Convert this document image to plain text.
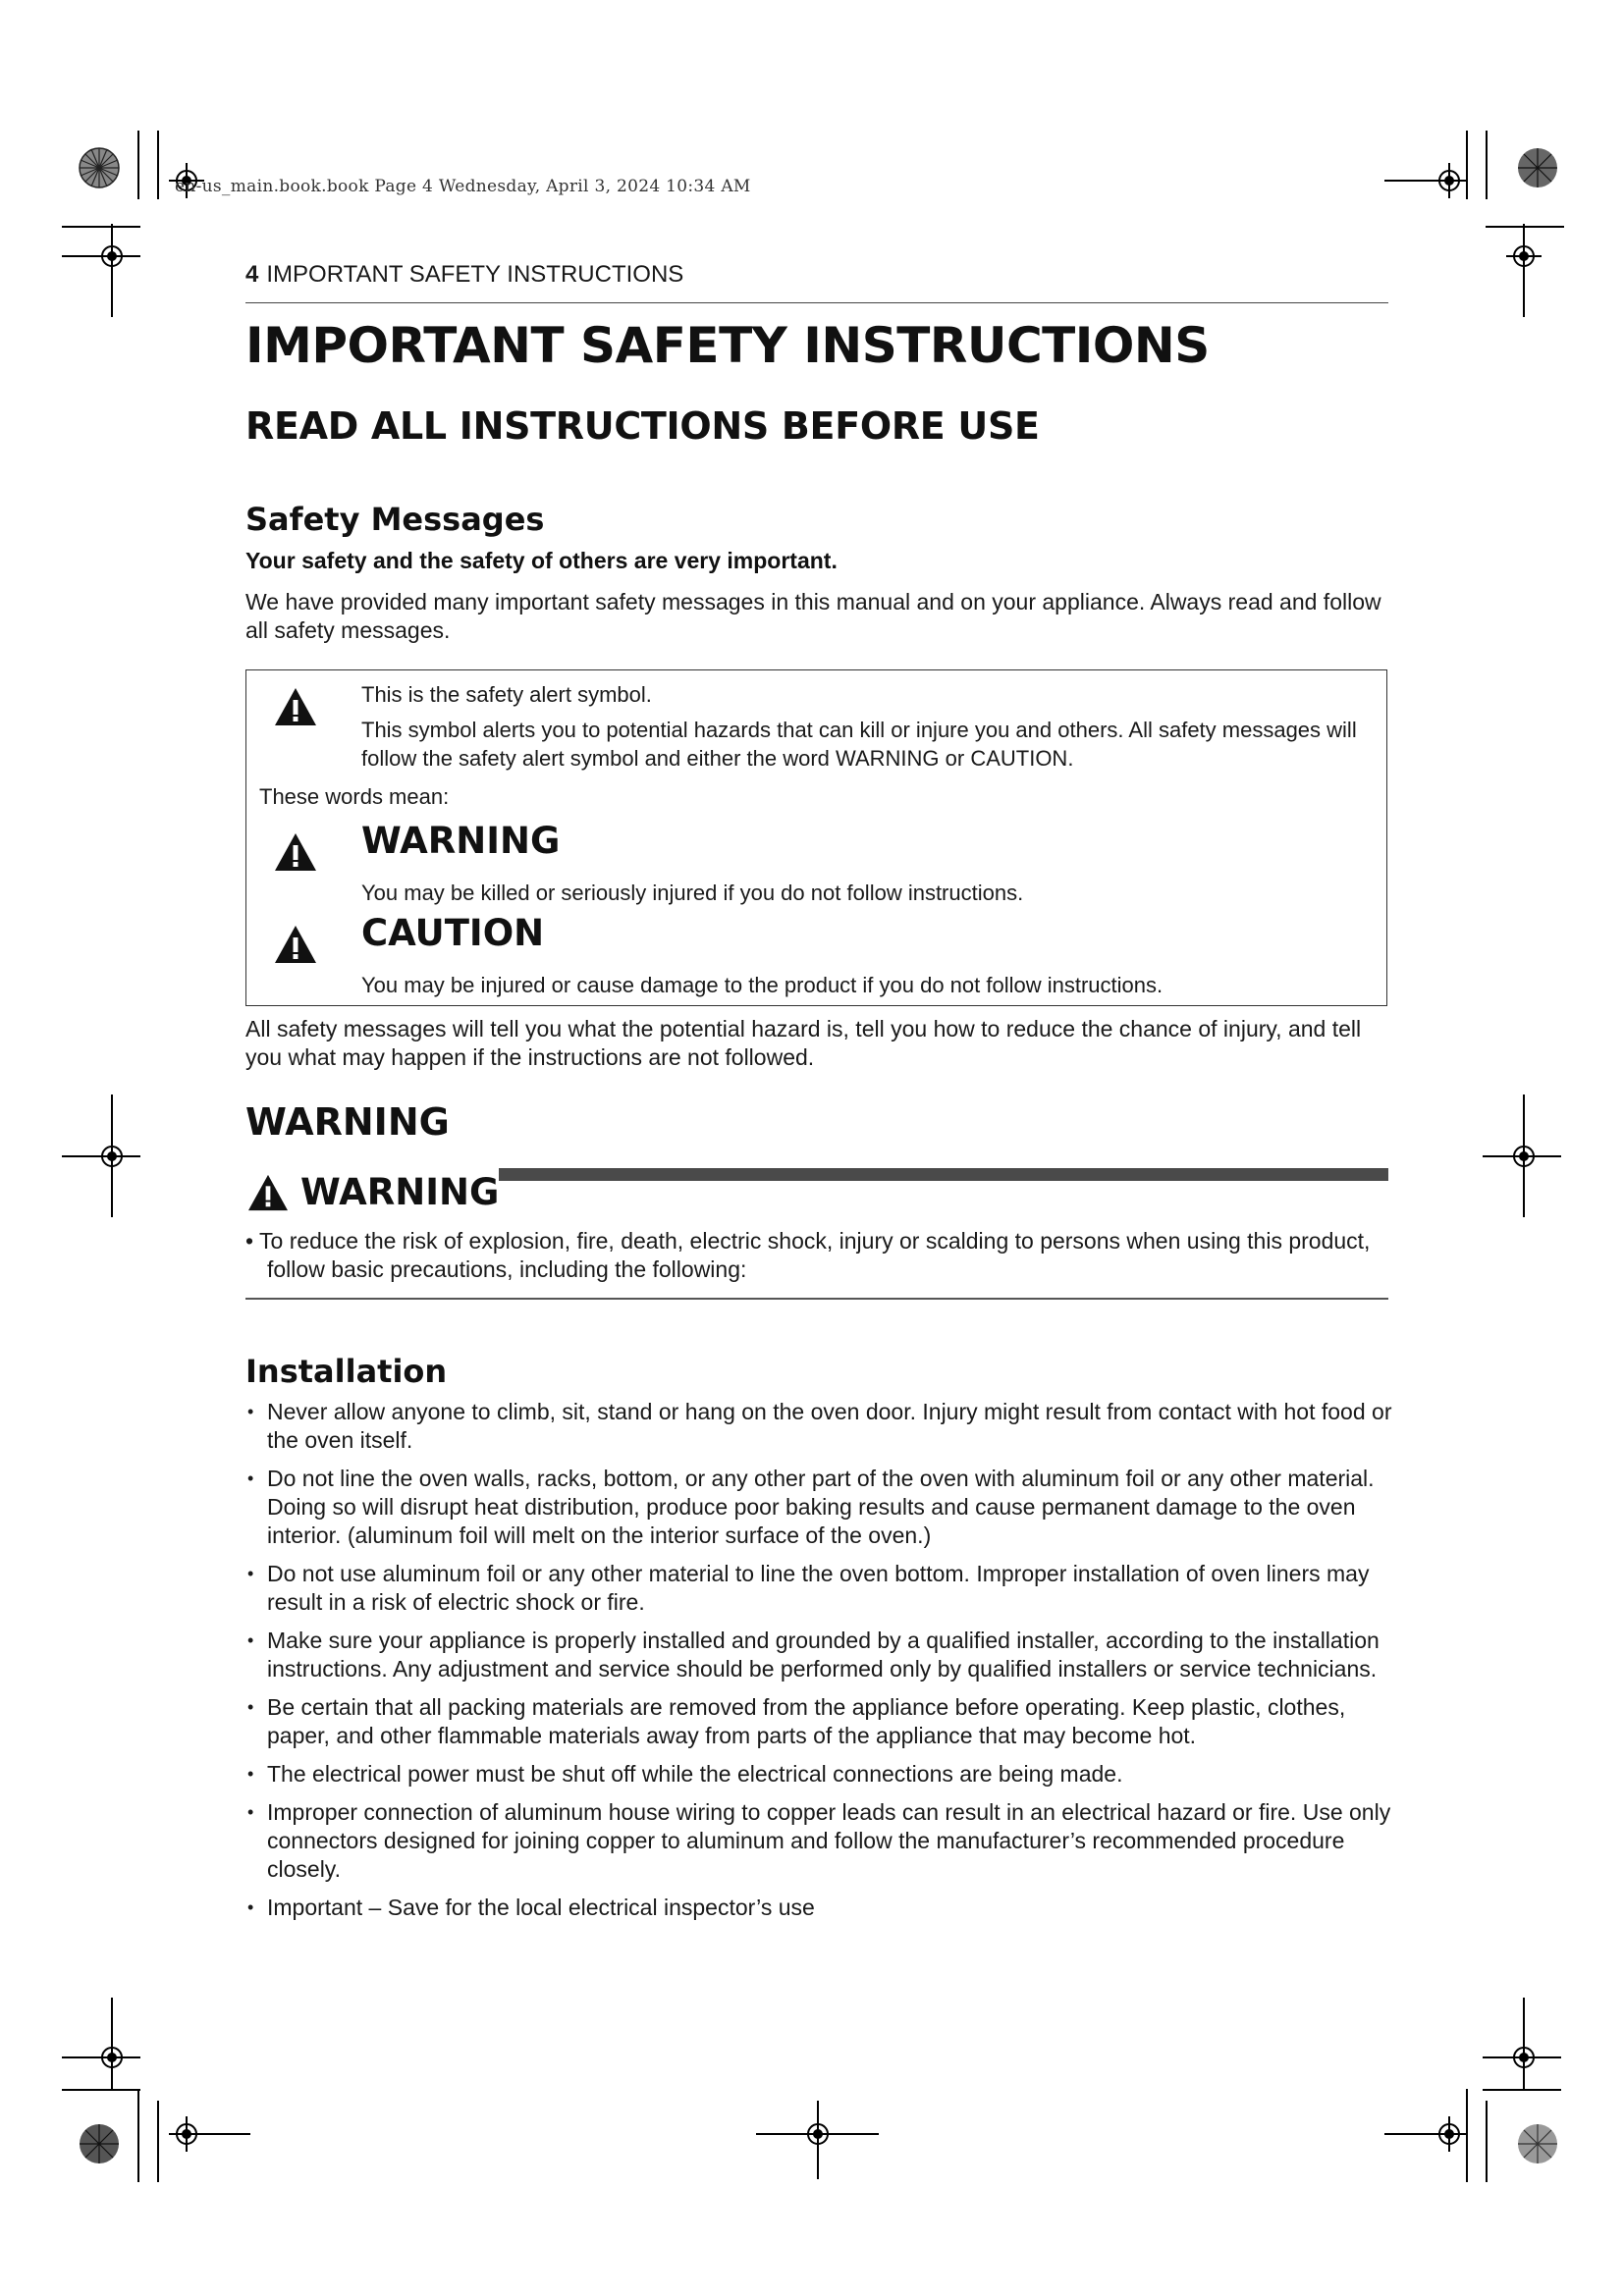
en-us_main.book.book Page 4 Wednesday, April 3, 2024 10:34 AM
4 IMPORTANT SAFETY INSTRUCTIONS
IMPORTANT SAFETY INSTRUCTIONS
READ ALL INSTRUCTIONS BEFORE USE
Safety Messages
Your safety and the safety of others are very important.
We have provided many important safety messages in this manual and on your appliance. Always read and follow all safety messages.
This is the safety alert symbol.
This symbol alerts you to potential hazards that can kill or injure you and others. All safety messages will follow the safety alert symbol and either the word WARNING or CAUTION.
These words mean:
WARNING
You may be killed or seriously injured if you do not follow instructions.
CAUTION
You may be injured or cause damage to the product if you do not follow instructions.
All safety messages will tell you what the potential hazard is, tell you how to reduce the chance of injury, and tell you what may happen if the instructions are not followed.
WARNING
WARNING
• To reduce the risk of explosion, fire, death, electric shock, injury or scalding to persons when using this product, follow basic precautions, including the following:
Installation
• Never allow anyone to climb, sit, stand or hang on the oven door. Injury might result from contact with hot food or the oven itself.
• Do not line the oven walls, racks, bottom, or any other part of the oven with aluminum foil or any other material. Doing so will disrupt heat distribution, produce poor baking results and cause permanent damage to the oven interior. (aluminum foil will melt on the interior surface of the oven.)
• Do not use aluminum foil or any other material to line the oven bottom. Improper installation of oven liners may result in a risk of electric shock or fire.
• Make sure your appliance is properly installed and grounded by a qualified installer, according to the installation instructions. Any adjustment and service should be performed only by qualified installers or service technicians.
• Be certain that all packing materials are removed from the appliance before operating. Keep plastic, clothes, paper, and other flammable materials away from parts of the appliance that may become hot.
• The electrical power must be shut off while the electrical connections are being made.
• Improper connection of aluminum house wiring to copper leads can result in an electrical hazard or fire. Use only connectors designed for joining copper to aluminum and follow the manufacturer’s recommended procedure closely.
• Important – Save for the local electrical inspector’s use
